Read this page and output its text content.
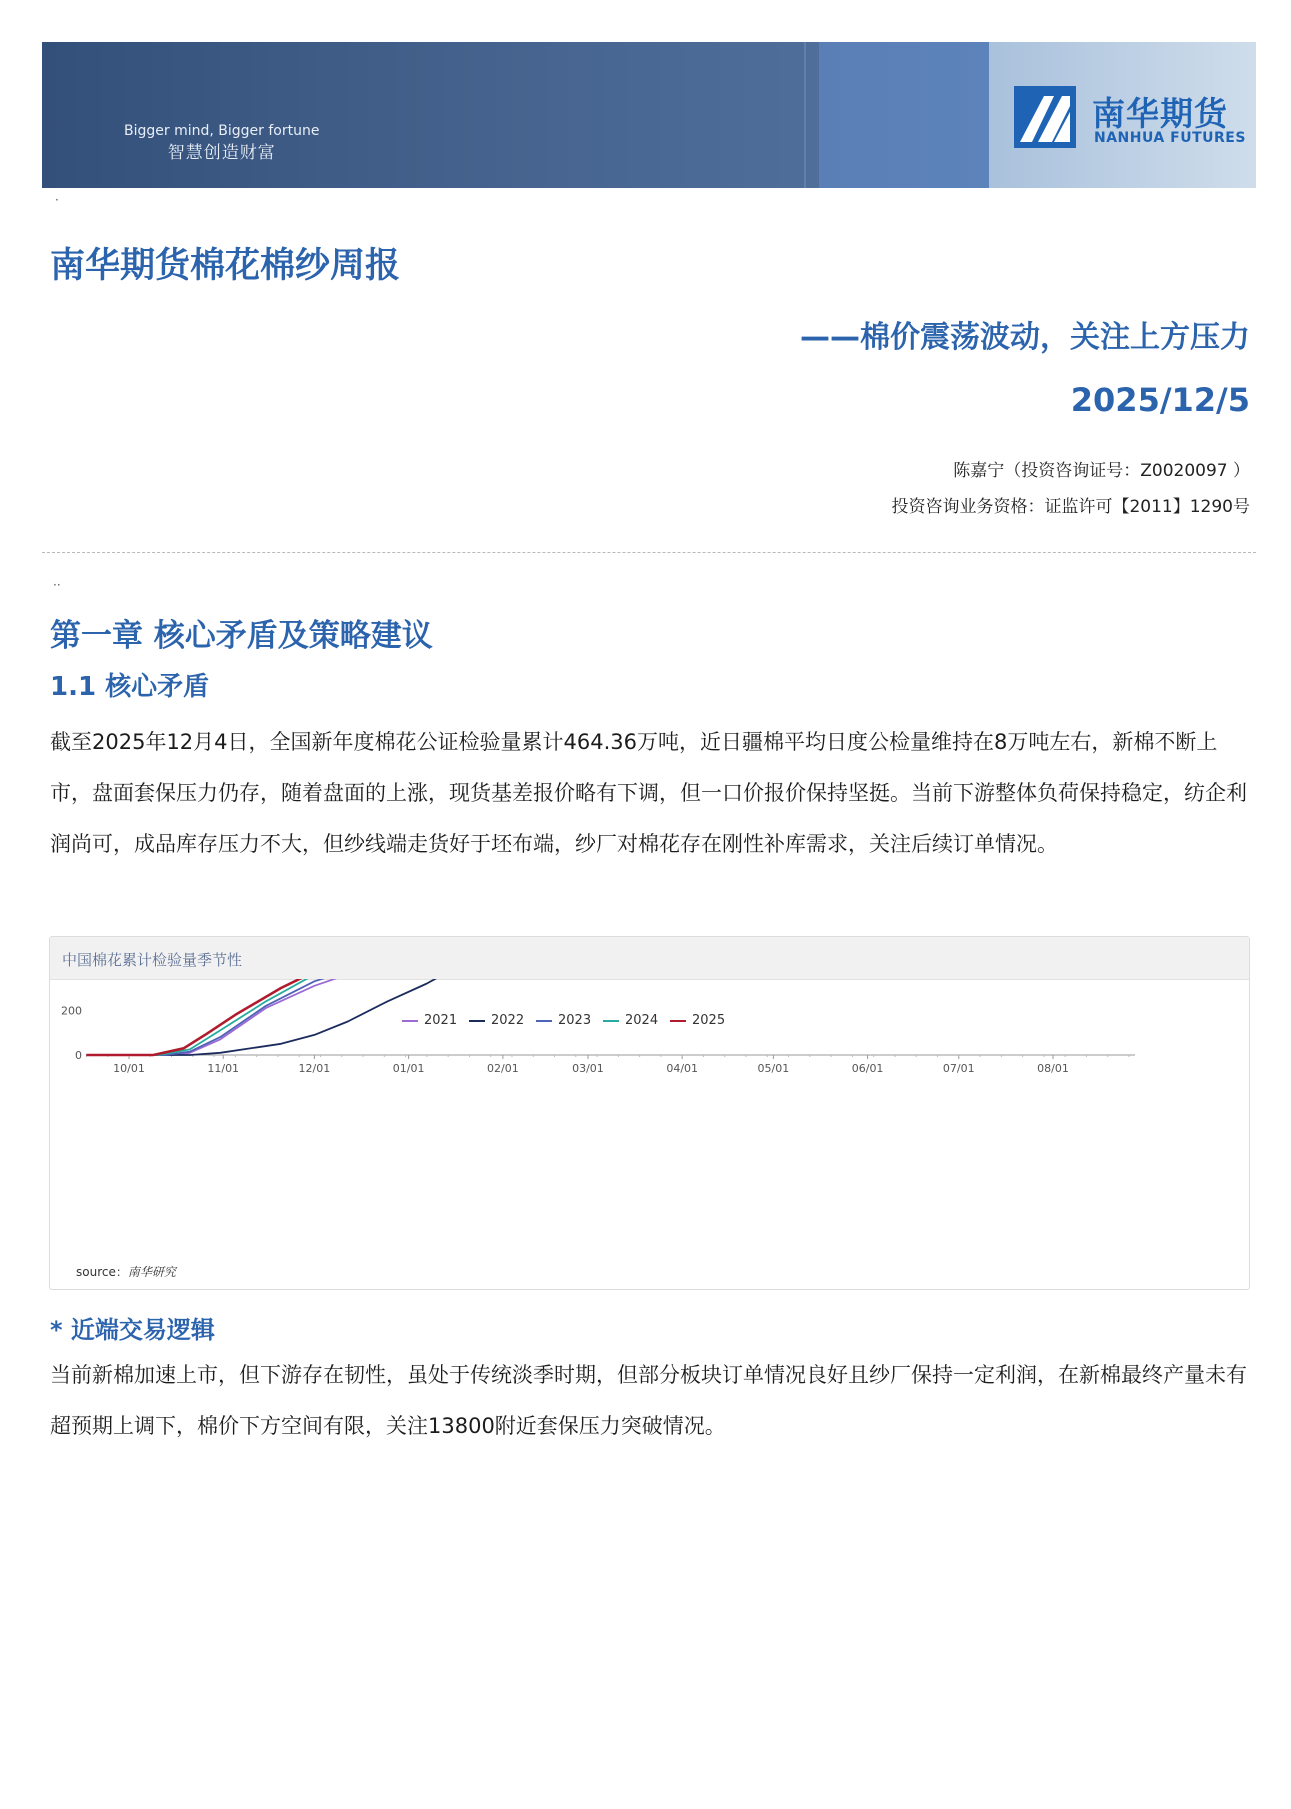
Bigger mind, Bigger fortune
智慧创造财富
南华期货
NANHUA FUTURES
·
南华期货棉花棉纱周报
——棉价震荡波动，关注上方压力
2025/12/5
陈嘉宁（投资咨询证号：Z0020097 ）
投资咨询业务资格：证监许可【2011】1290号
··
第一章 核心矛盾及策略建议
1.1 核心矛盾
截至2025年12月4日，全国新年度棉花公证检验量累计464.36万吨，近日疆棉平均日度公检量维持在8万吨左右，新棉不断上市，盘面套保压力仍存，随着盘面的上涨，现货基差报价略有下调，但一口价报价保持坚挺。当前下游整体负荷保持稳定，纺企利润尚可，成品库存压力不大，但纱线端走货好于坯布端，纱厂对棉花存在刚性补库需求，关注后续订单情况。
中国棉花累计检验量季节性
2021	2022	2023	2024	2025
10/01	11/01	12/01	01/01	02/01	03/01	04/01	05/01	06/01	07/01	08/01
0
200
source：南华研究
* 近端交易逻辑
当前新棉加速上市，但下游存在韧性，虽处于传统淡季时期，但部分板块订单情况良好且纱厂保持一定利润，在新棉最终产量未有超预期上调下，棉价下方空间有限，关注13800附近套保压力突破情况。
